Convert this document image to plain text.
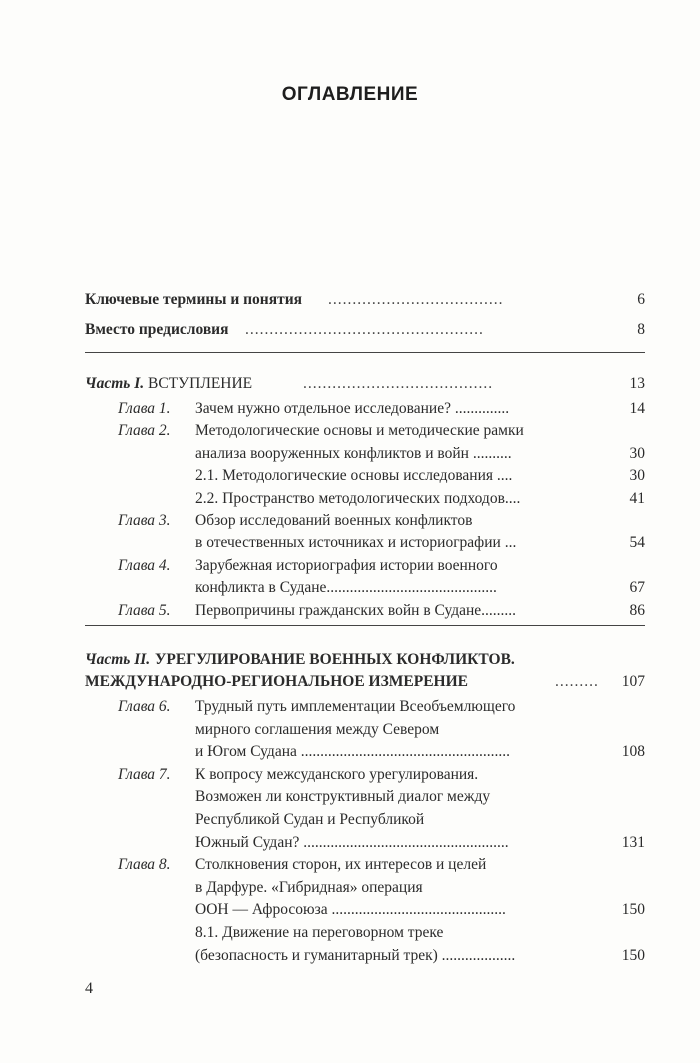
ОГЛАВЛЕНИЕ
Ключевые термины и понятия ....................................	6
Вместо предисловия .................................................	8
Часть I. ВСТУПЛЕНИЕ	.......................................	13
Глава 1. Зачем нужно отдельное исследование? ..............	14
Глава 2. Методологические основы и методические рамки
анализа вооруженных конфликтов и войн ..........	30
2.1. Методологические основы исследования ....	30
2.2. Пространство методологических подходов....	41
Глава 3. Обзор исследований военных конфликтов
в отечественных источниках и историографии ...	54
Глава 4. Зарубежная историография истории военного
конфликта в Судане............................................	67
Глава 5. Первопричины гражданских войн в Судане.........	86
Часть II. УРЕГУЛИРОВАНИЕ ВОЕННЫХ КОНФЛИКТОВ.
МЕЖДУНАРОДНО-РЕГИОНАЛЬНОЕ ИЗМЕРЕНИЕ	......... 107
Глава 6. Трудный путь имплементации Всеобъемлющего
мирного соглашения между Севером
и Югом Судана ......................................................	108
Глава 7. К вопросу межсуданского урегулирования.
Возможен ли конструктивный диалог между
Республикой Судан и Республикой
Южный Судан? .....................................................	131
Глава 8. Столкновения сторон, их интересов и целей
в Дарфуре. «Гибридная» операция
ООН — Афросоюза .............................................	150
8.1. Движение на переговорном треке
(безопасность и гуманитарный трек) ...................	150
4
